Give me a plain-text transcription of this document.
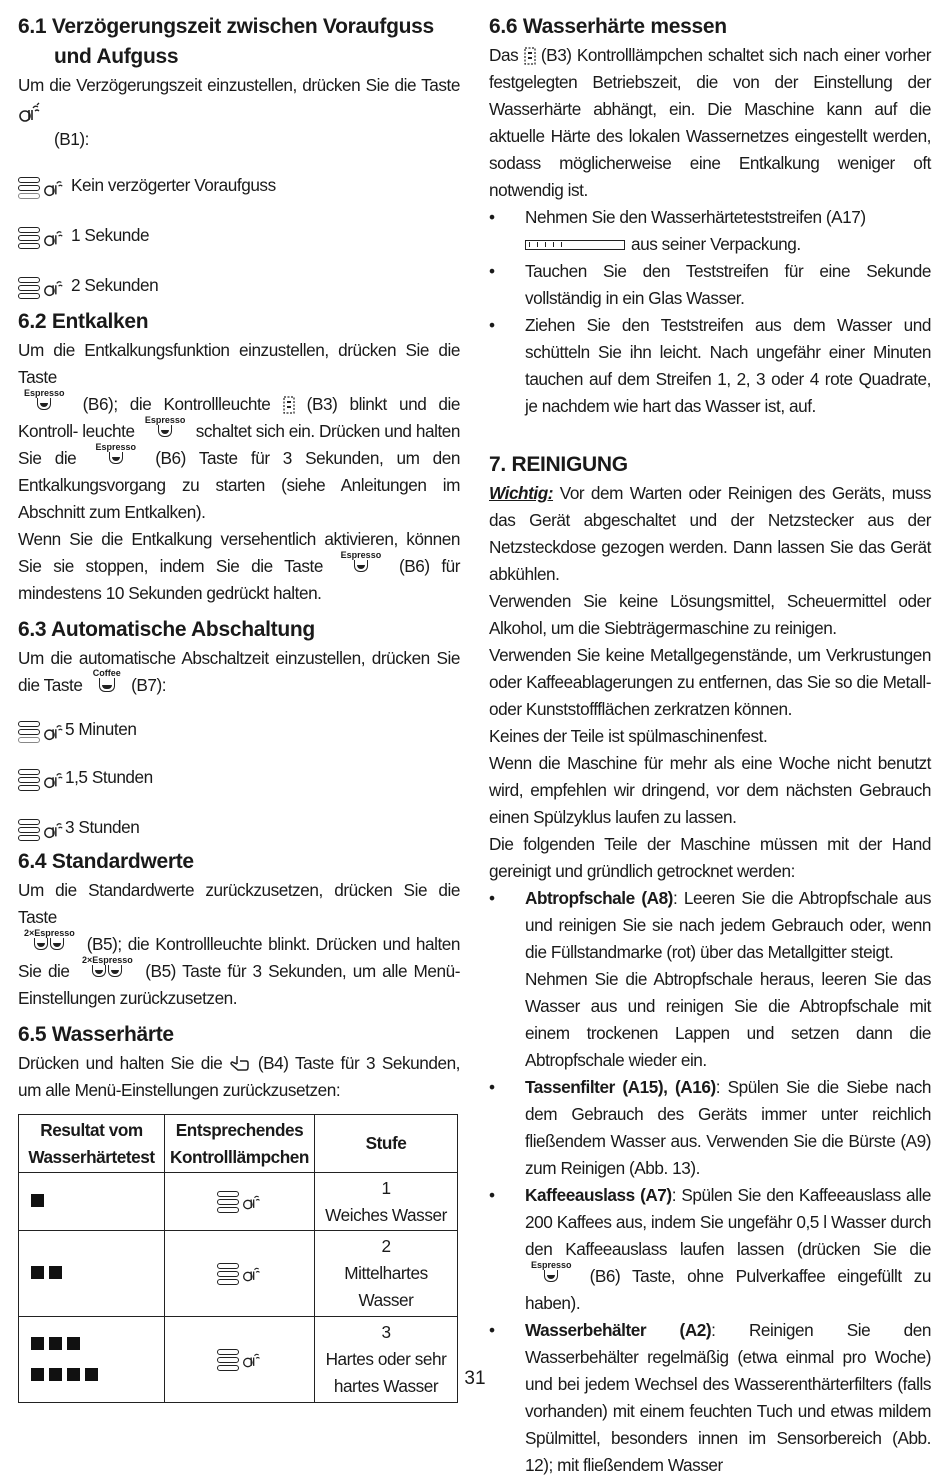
6.1 Verzögerungszeit zwischen Voraufguss und Aufguss

Um die Verzögerungszeit einzustellen, drücken Sie die Taste

(B1):

Kein verzögerter Voraufguss
1 Sekunde
2 Sekunden
6.2 Entkalken

Um die Entkalkungsfunktion einzustellen, drücken Sie die Taste

Espresso
(B6); die Kontrollleuchte (B3) blinkt und die Kontroll- leuchte
Espresso
schaltet sich ein. Drücken und halten Sie die
Espresso
(B6) Taste für 3 Sekunden, um den Entkalkungsvorgang zu starten (siehe Anleitungen im Abschnitt zum Entkalken).

Wenn Sie die Entkalkung versehentlich aktivieren, können Sie sie stoppen, indem Sie die Taste
Espresso
(B6) für mindestens 10 Sekunden gedrückt halten.

6.3 Automatische Abschaltung

Um die automatische Abschaltzeit einzustellen, drücken Sie die Taste
Coffee
(B7):

5 Minuten
1,5 Stunden
3 Stunden
6.4 Standardwerte

Um die Standardwerte zurückzusetzen, drücken Sie die Taste

2×Espresso
(B5); die Kontrollleuchte blinkt. Drücken und halten Sie die
2×Espresso
(B5) Taste für 3 Sekunden, um alle Menü-Einstellungen zurückzusetzen.

6.5 Wasserhärte

Drücken und halten Sie die (B4) Taste für 3 Sekunden, um alle Menü-Einstellungen zurückzusetzen:

Resultat vom Wasserhärtetest	Entsprechendes Kontrolllämpchen	Stufe

	1
Weiches Wasser

	2
Mittelhartes Wasser

	3
Hartes oder sehr hartes Wasser
6.6 Wasserhärte messen

Das (B3) Kontrolllämpchen schaltet sich nach einer vorher festgelegten Betriebszeit, die von der Einstellung der Wasserhärte abhängt, ein. Die Maschine kann auf die aktuelle Härte des lokalen Wassernetzes eingestellt werden, sodass möglicherweise eine Entkalkung weniger oft notwendig ist.

• Nehmen Sie den Wasserhärteteststreifen (A17)
aus seiner Verpackung.
• Tauchen Sie den Teststreifen für eine Sekunde vollständig in ein Glas Wasser.
• Ziehen Sie den Teststreifen aus dem Wasser und schütteln Sie ihn leicht. Nach ungefähr einer Minuten tauchen auf dem Streifen 1, 2, 3 oder 4 rote Quadrate, je nachdem wie hart das Wasser ist, auf.
7. REINIGUNG

Wichtig: Vor dem Warten oder Reinigen des Geräts, muss das Gerät abgeschaltet und der Netzstecker aus der Netzsteckdose gezogen werden. Dann lassen Sie das Gerät abkühlen.

Verwenden Sie keine Lösungsmittel, Scheuermittel oder Alkohol, um die Siebträgermaschine zu reinigen.

Verwenden Sie keine Metallgegenstände, um Verkrustungen oder Kaffeeablagerungen zu entfernen, das Sie so die Metall- oder Kunststoffflächen zerkratzen können.

Keines der Teile ist spülmaschinenfest.

Wenn die Maschine für mehr als eine Woche nicht benutzt wird, empfehlen wir dringend, vor dem nächsten Gebrauch einen Spülzyklus laufen zu lassen.

Die folgenden Teile der Maschine müssen mit der Hand gereinigt und gründlich getrocknet werden:

• Abtropfschale (A8): Leeren Sie die Abtropfschale aus und reinigen Sie sie nach jedem Gebrauch oder, wenn die Füllstandmarke (rot) über das Metallgitter steigt.
Nehmen Sie die Abtropfschale heraus, leeren Sie das Wasser aus und reinigen Sie die Abtropfschale mit einem trockenen Lappen und setzen dann die Abtropfschale wieder ein.
• Tassenfilter (A15), (A16): Spülen Sie die Siebe nach dem Gebrauch des Geräts immer unter reichlich fließendem Wasser aus. Verwenden Sie die Bürste (A9) zum Reinigen (Abb. 13).
• Kaffeeauslass (A7): Spülen Sie den Kaffeeauslass alle 200 Kaffees aus, indem Sie ungefähr 0,5 l Wasser durch den Kaffeeauslass laufen lassen (drücken Sie die
Espresso
(B6) Taste, ohne Pulverkaffee eingefüllt zu haben).
• Wasserbehälter (A2): Reinigen Sie den Wasserbehälter regelmäßig (etwa einmal pro Woche) und bei jedem Wechsel des Wasserenthärterfilters (falls vorhanden) mit einem feuchten Tuch und etwas mildem Spülmittel, besonders innen im Sensorbereich (Abb. 12); mit fließendem Wasser
31
